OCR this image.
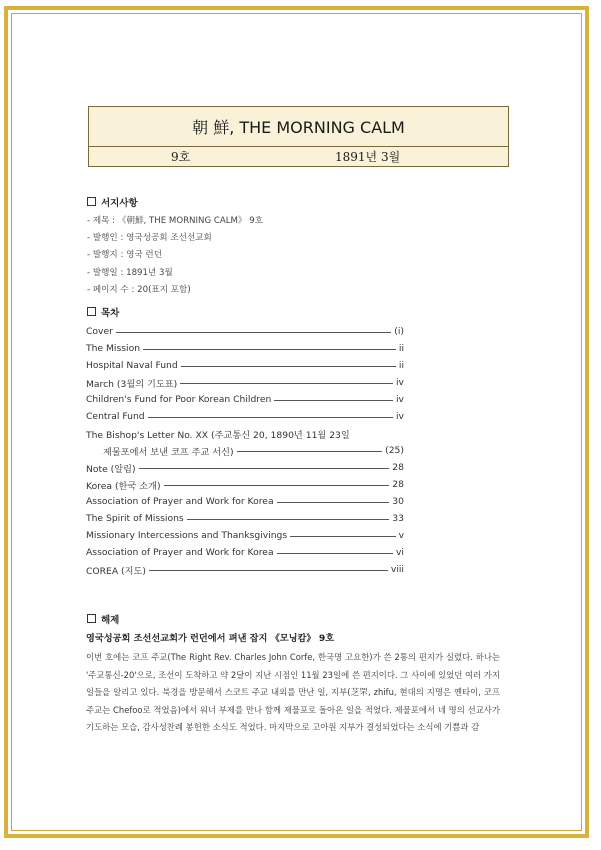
朝 鮮, THE MORNING CALM
9호	1891년 3월
서지사항
- 제목 : 《朝鮮, THE MORNING CALM》 9호
- 발행인 : 영국성공회 조선선교회
- 발행지 : 영국 런던
- 발행일 : 1891년 3월
- 페이지 수 : 20(표지 포함)
목차
Cover	(i)
The Mission	ii
Hospital Naval Fund	ii
March (3월의 기도표)	iv
Children's Fund for Poor Korean Children	iv
Central Fund	iv
The Bishop's Letter No. XX (주교통신 20, 1890년 11월 23일
제물포에서 보낸 코프 주교 서신)	(25)
Note (알림)	28
Korea (한국 소개)	28
Association of Prayer and Work for Korea	30
The Spirit of Missions	33
Missionary Intercessions and Thanksgivings	v
Association of Prayer and Work for Korea	vi
COREA (지도)	viii
해제

영국성공회 조선선교회가 런던에서 펴낸 잡지 《모닝캄》 9호

이번 호에는 코프 주교(The Right Rev. Charles John Corfe, 한국명 고요한)가 쓴 2통의 편지가 실렸다. 하나는 '주교통신-20'으로, 조선이 도착하고 약 2달이 지난 시점인 11월 23일에 쓴 편지이다. 그 사이에 있었던 여러 가지 일들을 알리고 있다. 북경을 방문해서 스코트 주교 내외를 만난 일, 지부(芝罘, zhifu, 현대의 지명은 옌타이, 코프 주교는 Chefoo로 적었음)에서 워너 부제를 만나 함께 제물포로 돌아온 일을 적었다. 제물포에서 네 명의 선교사가 기도하는 모습, 감사성찬례 봉헌한 소식도 적었다. 마지막으로 고아원 지부가 결성되었다는 소식에 기쁨과 감
